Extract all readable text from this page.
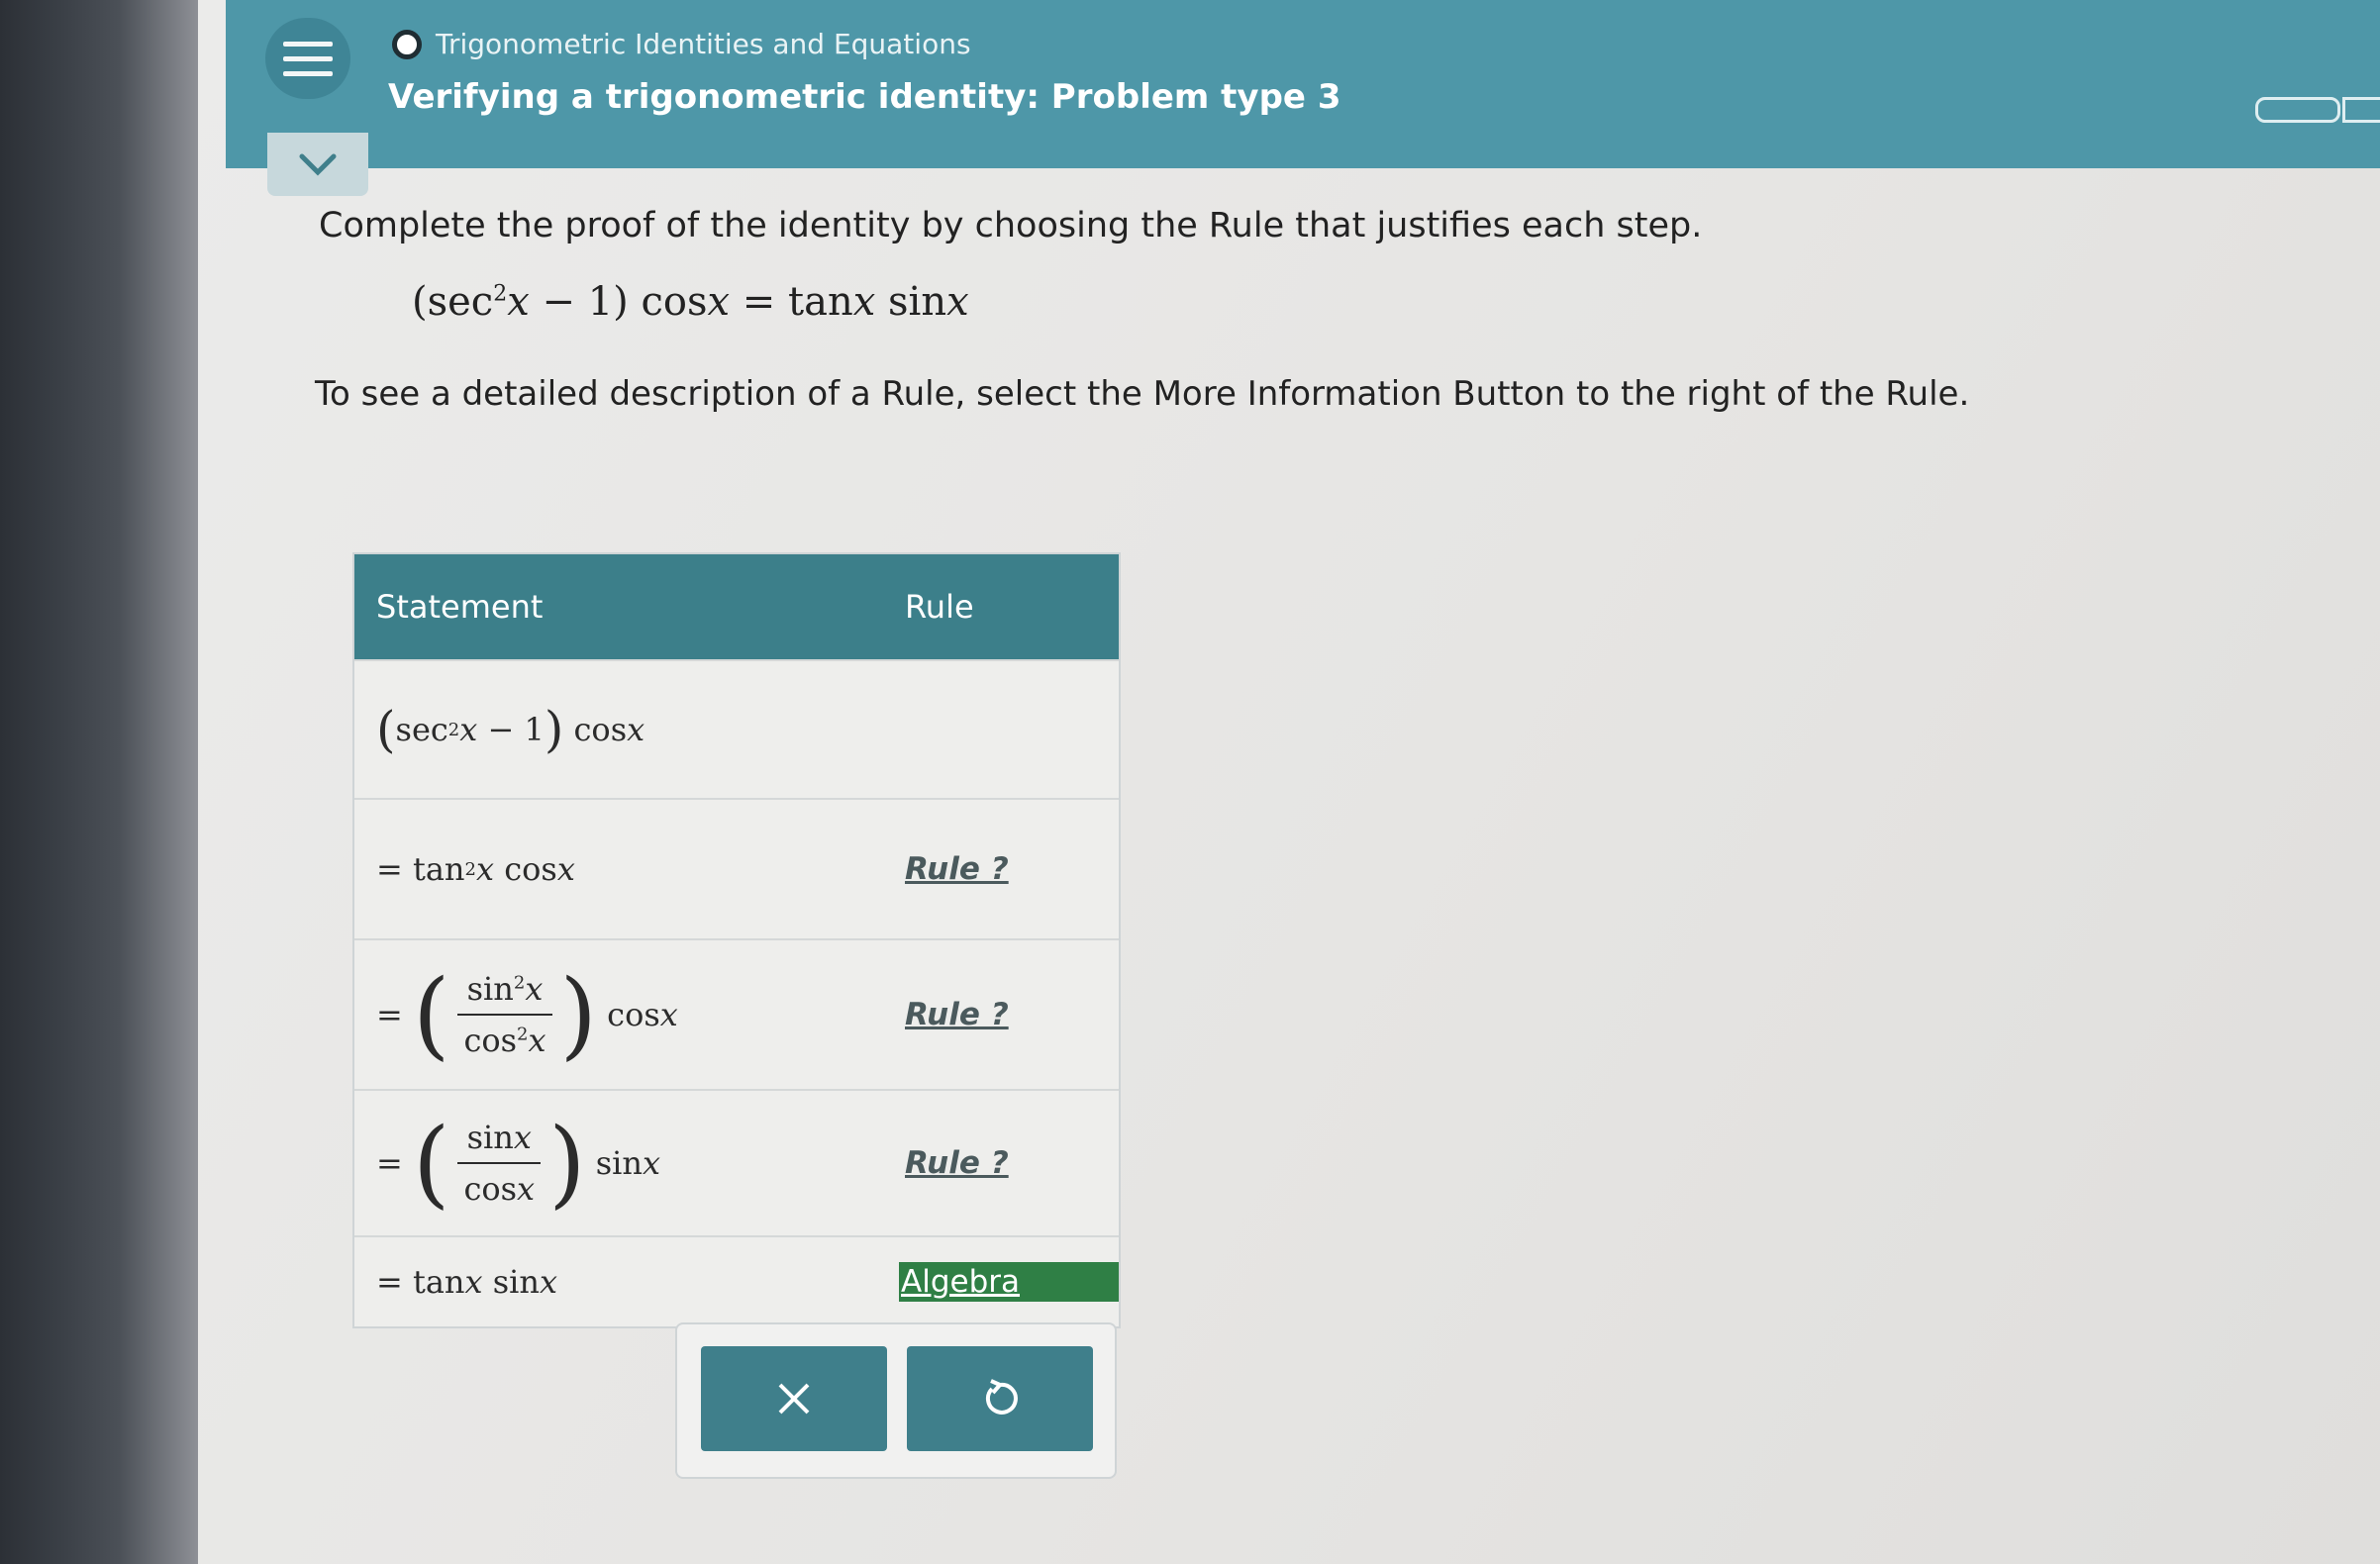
Trigonometric Identities and Equations
Verifying a trigonometric identity: Problem type 3
Complete the proof of the identity by choosing the Rule that justifies each step.
$(\sec^2x - 1) \cos x = \tan x$ sinx
To see a detailed description of a Rule, select the More Information Button to the right of the Rule.
Statement	Rule
( sec 2 x − 1 ) cos x
= tan 2 x cos x	Rule ?
= ( $\frac{\sin^2x}{\cos^2x}$ ) cos x	Rule ?
= ( $\frac{\sin x}{\cos x}$ ) sin x	Rule ?
= tan x sin x	Algebra
